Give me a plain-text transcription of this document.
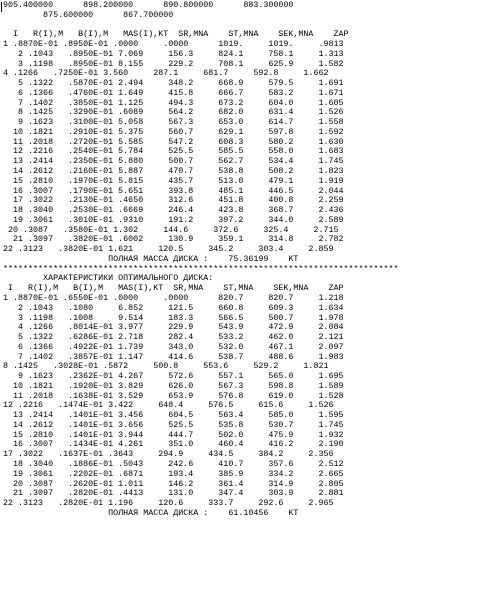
905.400000      898.200000      890.800000      883.300000
875.600000      867.700000
I   R(I),M   B(I),M   MAS(I),KT  SR,MNA    ST,MNA    SEK,MNA    ZAP
1 .8870E-01 .8950E-01 .0000     .0000      1019.     1019.     .9813
2 .1043   .8950E-01 7.069     156.3     824.1     758.1     1.313
3 .1198   .8950E-01 8.155     229.2     708.1     625.9     1.582
4 .1266   .7250E-01 3.560     287.1     681.7     592.8     1.662
5 .1322   .5870E-01 2.494     348.2     668.9     579.5     1.691
6 .1366   .4760E-01 1.649     415.8     666.7     583.2     1.671
7 .1402   .3850E-01 1.125     494.3     673.2     604.0     1.605
8 .1425   .3290E-01 .6089     564.2     682.0     631.4     1.526
9 .1623   .3100E-01 5.058     567.3     653.0     614.7     1.558
10 .1821   .2910E-01 5.375     560.7     629.1     597.8     1.592
11 .2018   .2720E-01 5.585     547.2     608.3     580.2     1.630
12 .2216   .2540E-01 5.784     525.5     585.5     558.0     1.683
13 .2414   .2350E-01 5.880     500.7     562.7     534.4     1.745
14 .2612   .2160E-01 5.887     470.7     538.8     508.2     1.823
15 .2810   .1970E-01 5.815     435.7     513.0     479.1     1.919
16 .3007   .1790E-01 5.651     393.8     485.1     446.5     2.044
17 .3022   .2130E-01 .4650     312.6     451.8     400.8     2.259
18 .3040   .2530E-01 .6669     246.4     423.8     368.7     2.436
19 .3061   .3010E-01 .9310     191.2     397.2     344.0     2.589
20 .3087   .3580E-01 1.302     144.6     372.6     325.4     2.715
21 .3097   .3820E-01 .6002     130.9     359.1     314.8     2.782
22 .3123   .3820E-01 1.621     120.5     345.2     303.4     2.859
ПОЛНАЯ МАССА ДИСКА :    75.36199    KT
*******************************************************************************
ХАРАКТЕРИСТИКИ ОПТИМАЛЬНОГО ДИСКА:
I   R(I),M   B(I),M   MAS(I),KT  SR,MNA    ST,MNA    SEK,MNA    ZAP
1 .8870E-01 .6550E-01 .0000     .0000      820.7     820.7     1.218
2 .1043   .1080     6.852     121.5     660.8     609.3     1.634
3 .1198   .1008     9.514     183.3     566.5     500.7     1.978
4 .1266   .8014E-01 3.977     229.9     543.9     472.9     2.084
5 .1322   .6286E-01 2.718     282.4     533.2     462.0     2.121
6 .1366   .4922E-01 1.739     343.0     532.0     467.1     2.097
7 .1402   .3857E-01 1.147     414.6     538.7     488.6     1.983
8 .1425   .3028E-01 .5872     500.8     553.6     529.2     1.821
9 .1623   .2362E-01 4.267     572.6     557.1     565.0     1.695
10 .1821   .1920E-01 3.829     626.0     567.3     598.8     1.589
11 .2018   .1638E-01 3.529     653.9     576.8     619.0     1.528
12 .2216   .1474E-01 3.422     648.4     576.5     615.6     1.526
13 .2414   .1401E-01 3.456     604.5     563.4     585.0     1.595
14 .2612   .1401E-01 3.656     525.5     535.8     530.7     1.745
15 .2810   .1401E-01 3.944     444.7     502.0     475.9     1.932
16 .3007   .1434E-01 4.261     351.0     460.4     416.2     2.190
17 .3022   .1637E-01 .3643     294.9     434.5     384.2     2.356
18 .3040   .1886E-01 .5043     242.6     410.7     357.6     2.512
19 .3061   .2202E-01 .6871     193.4     385.9     334.2     2.665
20 .3087   .2620E-01 1.011     146.2     361.4     314.9     2.805
21 .3097   .2820E-01 .4413     131.0     347.4     303.9     2.881
22 .3123   .2820E-01 1.196     120.6     333.7     292.6     2.965
ПОЛНАЯ МАССА ДИСКА :    61.10456    KT
